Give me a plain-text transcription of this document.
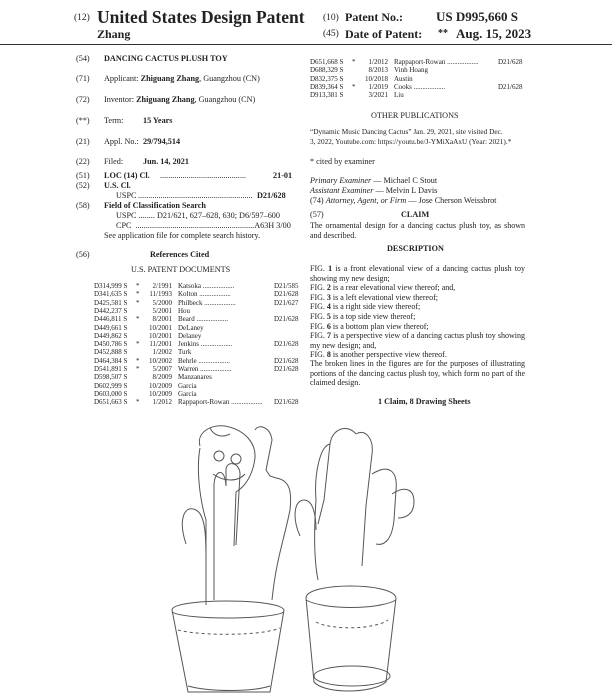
(12) United States Design Patent (10) Patent No.:	US D995,660 S
Zhang	(45) Date of Patent: ** Aug. 15, 2023
(54) DANCING CACTUS PLUSH TOY
(71) Applicant: Zhiguang Zhang, Guangzhou (CN)
(72) Inventor: Zhiguang Zhang, Guangzhou (CN)
(**) Term: 15 Years
(21) Appl. No.: 29/794,514
(22) Filed: Jun. 14, 2021
(51) LOC (14) Cl. ..........................................	21-01
(52) U.S. Cl.
USPC ........................................................ D21/628
(58) Field of Classification Search
USPC ........ D21/621, 627–628, 630; D6/597–600
CPC ..........................................................A63H 3/00
See application file for complete search history.
(56)	References Cited
U.S. PATENT DOCUMENTS
D314,999 S *	2/1991 Katsoka ..................	D21/585
D341,635 S *	11/1993 Kolton ..................	D21/628
D425,581 S *	5/2000 Philbeck ..................	D21/627
D442,237 S	5/2001 Hou
D446,811 S *	8/2001 Beard ..................	D21/628
D449,661 S	10/2001 DeLaney
D449,862 S	10/2001 Delaney
D450,786 S *	11/2001 Jenkins ..................	D21/628
D452,888 S	1/2002 Turk
D464,384 S *	10/2002 Behrle ..................	D21/628
D541,891 S *	5/2007 Warren ..................	D21/628
D598,507 S	8/2009 Manzanares
D602,999 S	10/2009 Garcia
D603,000 S	10/2009 Garcia
D651,663 S *	1/2012 Rappaport-Rowan ..................	D21/628
D651,668 S *	1/2012 Rappaport-Rowan ..................	D21/628
D688,329 S	8/2013 Vinh Hoang
D832,375 S	10/2018 Austin
D839,364 S *	1/2019 Cooks ..................	D21/628
D913,381 S	3/2021 Liu
OTHER PUBLICATIONS
“Dynamic Music Dancing Cactus” Jan. 29, 2021, site visited Dec.
3, 2022, Youtube.com: https://youtu.be/J-YMiXaAxU (Year: 2021).*
* cited by examiner
Primary Examiner — Michael C Stout
Assistant Examiner — Melvin L Davis
(74) Attorney, Agent, or Firm — Jose Cherson Weissbrot
(57)	CLAIM
The ornamental design for a dancing cactus plush toy, as shown and described.
DESCRIPTION

FIG. 1 is a front elevational view of a dancing cactus plush toy showing my new design;

FIG. 2 is a rear elevational view thereof; and,

FIG. 3 is a left elevational view thereof;

FIG. 4 is a right side view thereof;

FIG. 5 is a top side view thereof;

FIG. 6 is a bottom plan view thereof;

FIG. 7 is a perspective view of a dancing cactus plush toy showing my new design; and,

FIG. 8 is another perspective view thereof.

The broken lines in the figures are for the purposes of illustrating portions of the dancing cactus plush toy, which form no part of the claimed design.
1 Claim, 8 Drawing Sheets
